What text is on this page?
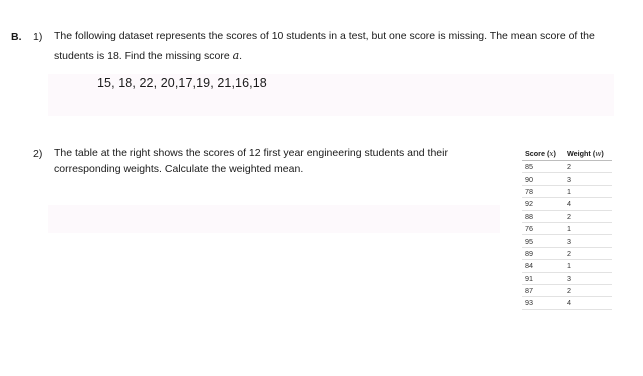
B. 1) The following dataset represents the scores of 10 students in a test, but one score is missing. The mean score of the
students is 18. Find the missing score a.
15, 18, 22, 20,17,19, 21,16,18
2) The table at the right shows the scores of 12 first year engineering students and their
corresponding weights. Calculate the weighted mean.
Score (x)	Weight (w)
85	2
90	3
78	1
92	4
88	2
76	1
95	3
89	2
84	1
91	3
87	2
93	4
